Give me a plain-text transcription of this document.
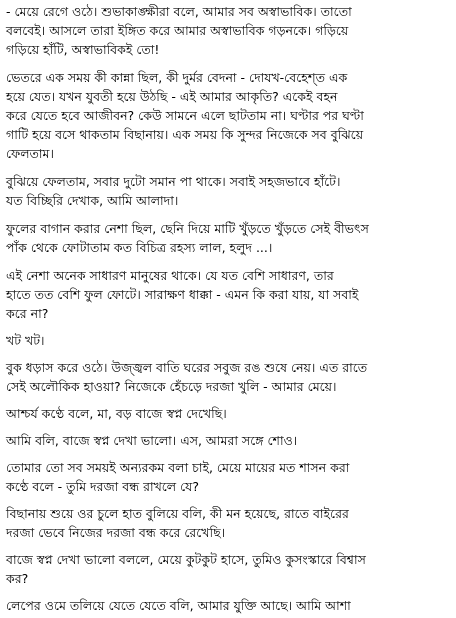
- মেয়ে রেগে ওঠে। শুভাকাঙ্ক্ষীরা বলে, আমার সব অস্বাভাবিক। তাতো
বলবেই। আসলে তারা ইঙ্গিত করে আমার অস্বাভাবিক গড়নকে। গড়িয়ে
গড়িয়ে হাঁটি, অস্বাভাবিকই তো!

ভেতরে এক সময় কী কান্না ছিল, কী দুর্মর বেদনা - দোযখ-বেহেশ্‌ত এক
হয়ে যেত। যখন যুবতী হয়ে উঠছি - এই আমার আকৃতি? একেই বহন
করে যেতে হবে আজীবন? কেউ সামনে এলে ছাটতাম না। ঘণ্টার পর ঘণ্টা
গাটি হয়ে বসে থাকতাম বিছানায়। এক সময় কি সুন্দর নিজেকে সব বুঝিয়ে
ফেলতাম।

বুঝিয়ে ফেলতাম, সবার দুটো সমান পা থাকে। সবাই সহজভাবে হাঁটে।
যত বিচ্ছিরি দেখাক, আমি আলাদা।

ফুলের বাগান করার নেশা ছিল, ছেনি দিয়ে মাটি খুঁড়তে খুঁড়তে সেই বীভৎস
পাঁক থেকে ফোটাতাম কত বিচিত্র রহস্য লাল, হলুদ ...।

এই নেশা অনেক সাধারণ মানুষের থাকে। যে যত বেশি সাধারণ, তার
হাতে তত বেশি ফুল ফোটে। সারাক্ষণ ধাক্কা - এমন কি করা যায়, যা সবাই
করে না?

খট খট।

বুক ধড়াস করে ওঠে। উজ্জ্বল বাতি ঘরের সবুজ রঙ শুষে নেয়। এত রাতে
সেই অলৌকিক হাওয়া? নিজেকে হেঁচড়ে দরজা খুলি - আমার মেয়ে।

আশ্চর্য কণ্ঠে বলে, মা, বড় বাজে স্বপ্ন দেখেছি।

আমি বলি, বাজে স্বপ্ন দেখা ভালো। এস, আমরা সঙ্গে শোও।

তোমার তো সব সময়ই অন্যরকম বলা চাই, মেয়ে মায়ের মত শাসন করা
কণ্ঠে বলে - তুমি দরজা বন্ধ রাখলে যে?

বিছানায় শুয়ে ওর চুলে হাত বুলিয়ে বলি, কী মন হয়েছে, রাতে বাইরের
দরজা ভেবে নিজের দরজা বন্ধ করে রেখেছি।

বাজে স্বপ্ন দেখা ভালো বললে, মেয়ে কুটকুট হাসে, তুমিও কুসংস্কারে বিশ্বাস
কর?

লেপের ওমে তলিয়ে যেতে যেতে বলি, আমার যুক্তি আছে। আমি আশা
